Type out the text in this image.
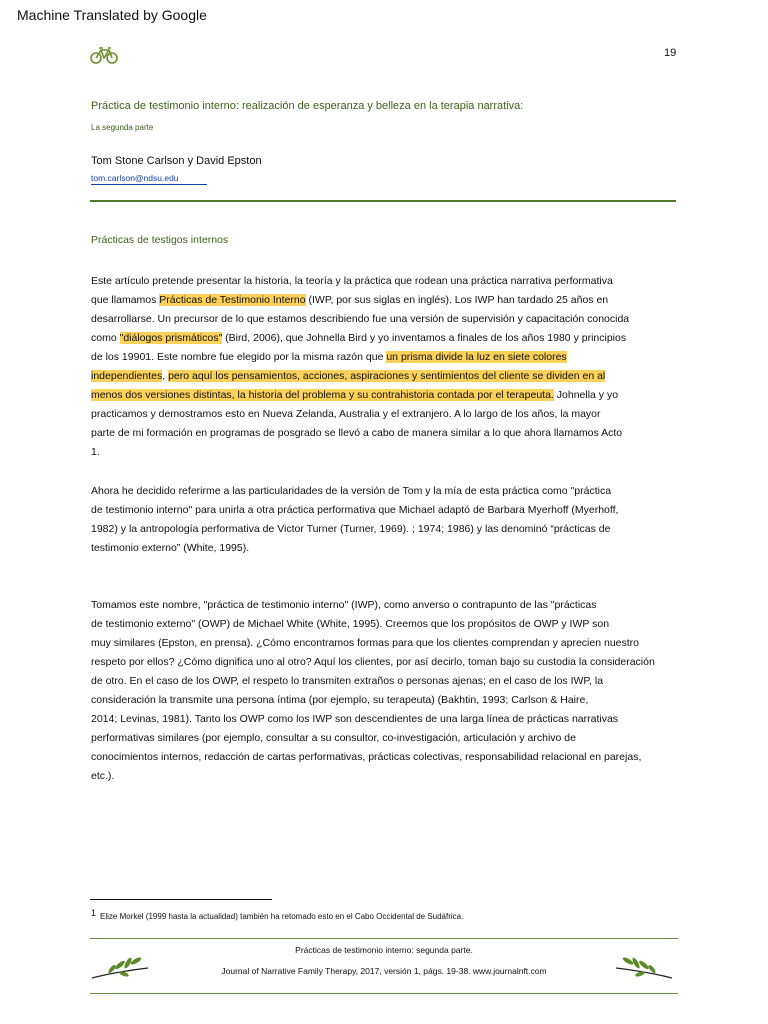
Machine Translated by Google
19
Práctica de testimonio interno: realización de esperanza y belleza en la terapia narrativa:
La segunda parte
Tom Stone Carlson y David Epston
tom.carlson@ndsu.edu
Prácticas de testigos internos
Este artículo pretende presentar la historia, la teoría y la práctica que rodean una práctica narrativa performativa
que llamamos Prácticas de Testimonio Interno (IWP, por sus siglas en inglés). Los IWP han tardado 25 años en
desarrollarse. Un precursor de lo que estamos describiendo fue una versión de supervisión y capacitación conocida
como "diálogos prismáticos" (Bird, 2006), que Johnella Bird y yo inventamos a finales de los años 1980 y principios
de los 19901. Este nombre fue elegido por la misma razón que un prisma divide la luz en siete colores
independientes, pero aquí los pensamientos, acciones, aspiraciones y sentimientos del cliente se dividen en al
menos dos versiones distintas, la historia del problema y su contrahistoria contada por el terapeuta. Johnella y yo
practicamos y demostramos esto en Nueva Zelanda, Australia y el extranjero. A lo largo de los años, la mayor
parte de mi formación en programas de posgrado se llevó a cabo de manera similar a lo que ahora llamamos Acto
1.
Ahora he decidido referirme a las particularidades de la versión de Tom y la mía de esta práctica como "práctica
de testimonio interno" para unirla a otra práctica performativa que Michael adaptó de Barbara Myerhoff (Myerhoff,
1982) y la antropología performativa de Victor Turner (Turner, 1969). ; 1974; 1986) y las denominó “prácticas de
testimonio externo” (White, 1995).
Tomamos este nombre, "práctica de testimonio interno" (IWP), como anverso o contrapunto de las "prácticas
de testimonio externo" (OWP) de Michael White (White, 1995). Creemos que los propósitos de OWP y IWP son
muy similares (Epston, en prensa). ¿Cómo encontramos formas para que los clientes comprendan y aprecien nuestro
respeto por ellos? ¿Cómo dignifica uno al otro? Aquí los clientes, por así decirlo, toman bajo su custodia la consideración
de otro. En el caso de los OWP, el respeto lo transmiten extraños o personas ajenas; en el caso de los IWP, la
consideración la transmite una persona íntima (por ejemplo, su terapeuta) (Bakhtin, 1993; Carlson & Haire,
2014; Levinas, 1981). Tanto los OWP como los IWP son descendientes de una larga línea de prácticas narrativas
performativas similares (por ejemplo, consultar a su consultor, co-investigación, articulación y archivo de
conocimientos internos, redacción de cartas performativas, prácticas colectivas, responsabilidad relacional en parejas,
etc.).
$^1$ Elize Morkel (1999 hasta la actualidad) también ha retomado esto en el Cabo Occidental de Sudáfrica.
Prácticas de testimonio interno: segunda parte.
Journal of Narrative Family Therapy, 2017, versión 1, págs. 19-38. www.journalnft.com
